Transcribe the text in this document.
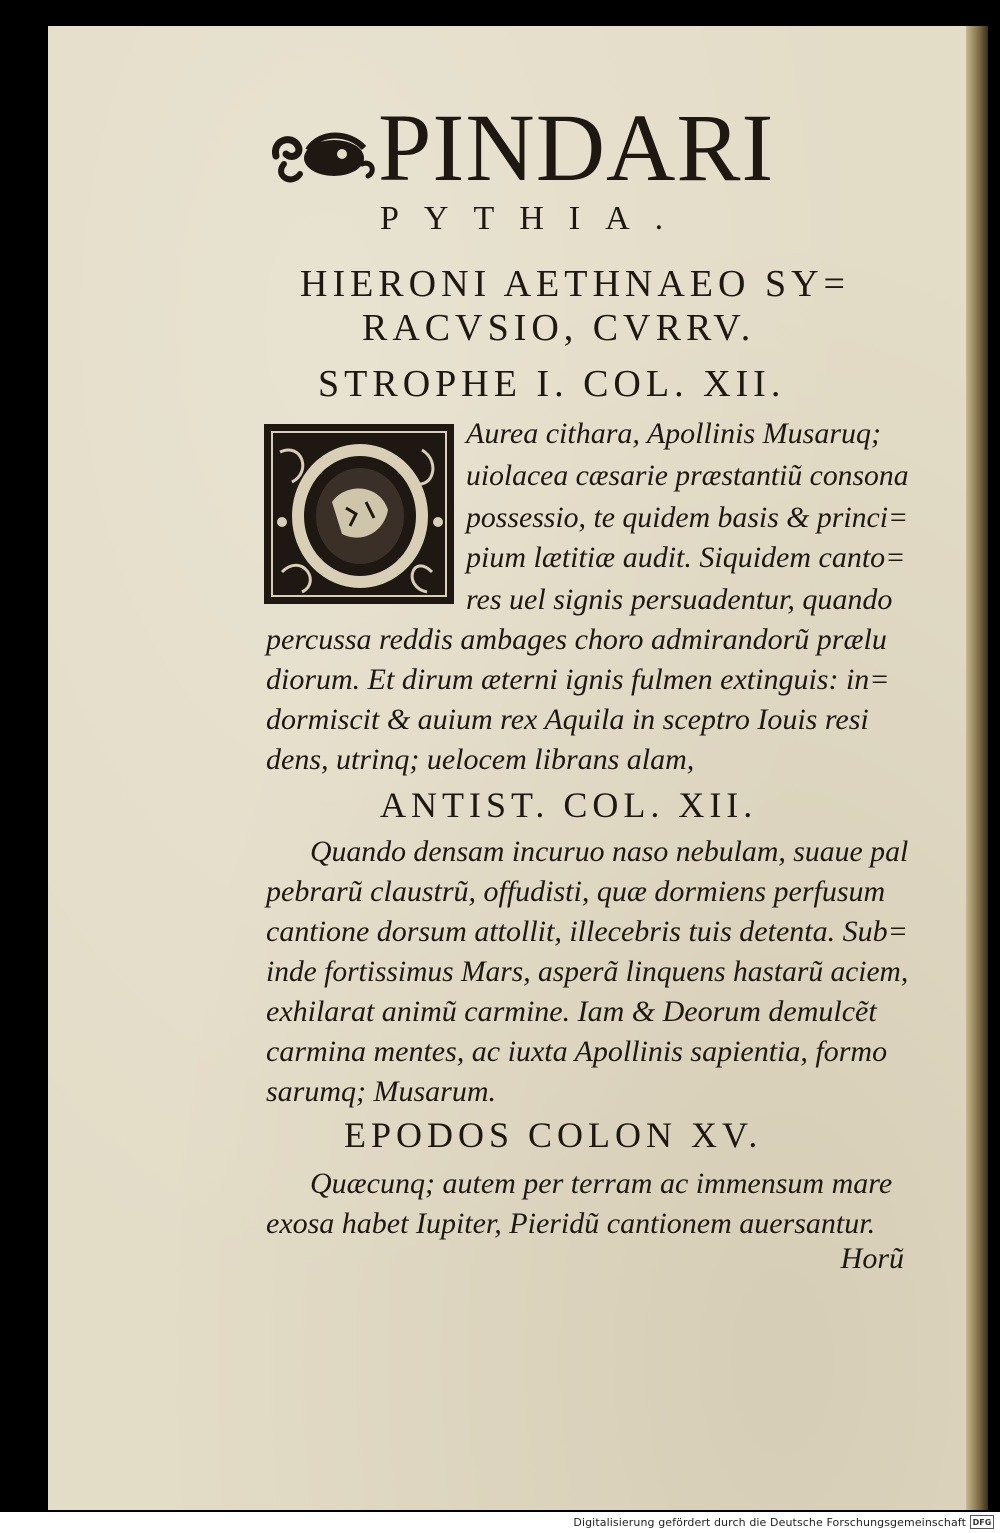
PINDARI
PYTHIA.
HIERONI AETHNAEO SY=
RACVSIO, CVRRV.
STROPHE I. COL. XII.
Aurea cithara, Apollinis Musaruq;
uiolacea cæsarie præstantiũ consona
possessio, te quidem basis & princi=
pium lætitiæ audit. Siquidem canto=
res uel signis persuadentur, quando
percussa reddis ambages choro admirandorũ prælu
diorum. Et dirum æterni ignis fulmen extinguis: in=
dormiscit & auium rex Aquila in sceptro Iouis resi
dens, utrinq; uelocem librans alam,
ANTIST. COL. XII.
Quando densam incuruo naso nebulam, suaue pal
pebrarũ claustrũ, offudisti, quæ dormiens perfusum
cantione dorsum attollit, illecebris tuis detenta. Sub=
inde fortissimus Mars, asperã linquens hastarũ aciem,
exhilarat animũ carmine. Iam & Deorum demulcẽt
carmina mentes, ac iuxta Apollinis sapientia, formo
sarumq; Musarum.
EPODOS COLON XV.
Quæcunq; autem per terram ac immensum mare
exosa habet Iupiter, Pieridũ cantionem auersantur.
Horũ
Digitalisierung gefördert durch die Deutsche Forschungsgemeinschaft DFG
